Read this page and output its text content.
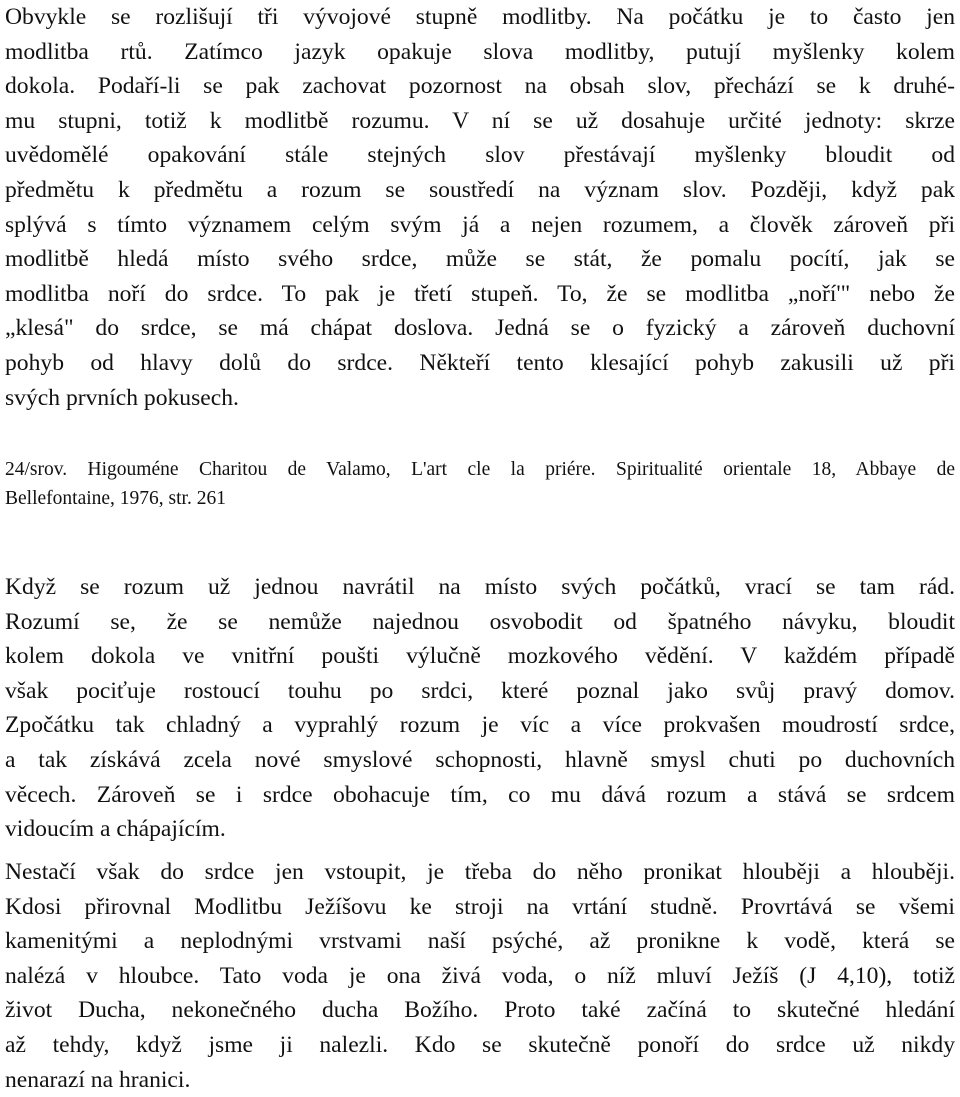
Obvykle se rozlišují tři vývojové stupně modlitby. Na počátku je to často jen
modlitba rtů. Zatímco jazyk opakuje slova modlitby, putují myšlenky kolem
dokola. Podaří-li se pak zachovat pozornost na obsah slov, přechází se k druhé-
mu stupni, totiž k modlitbě rozumu. V ní se už dosahuje určité jednoty: skrze
uvědomělé opakování stále stejných slov přestávají myšlenky bloudit od
předmětu k předmětu a rozum se soustředí na význam slov. Později, když pak
splývá s tímto významem celým svým já a nejen rozumem, a člověk zároveň při
modlitbě hledá místo svého srdce, může se stát, že pomalu pocítí, jak se
modlitba noří do srdce. To pak je třetí stupeň. To, že se modlitba „noří'" nebo že
„klesá" do srdce, se má chápat doslova. Jedná se o fyzický a zároveň duchovní
pohyb od hlavy dolů do srdce. Někteří tento klesající pohyb zakusili už při
svých prvních pokusech.
24/srov. Higouméne Charitou de Valamo, L'art cle la priére. Spiritualité orientale 18, Abbaye de
Bellefontaine, 1976, str. 261
Když se rozum už jednou navrátil na místo svých počátků, vrací se tam rád.
Rozumí se, že se nemůže najednou osvobodit od špatného návyku, bloudit
kolem dokola ve vnitřní poušti výlučně mozkového vědění. V každém případě
však pociťuje rostoucí touhu po srdci, které poznal jako svůj pravý domov.
Zpočátku tak chladný a vyprahlý rozum je víc a více prokvašen moudrostí srdce,
a tak získává zcela nové smyslové schopnosti, hlavně smysl chuti po duchovních
věcech. Zároveň se i srdce obohacuje tím, co mu dává rozum a stává se srdcem
vidoucím a chápajícím.
Nestačí však do srdce jen vstoupit, je třeba do něho pronikat hlouběji a hlouběji.
Kdosi přirovnal Modlitbu Ježíšovu ke stroji na vrtání studně. Provrtává se všemi
kamenitými a neplodnými vrstvami naší psýché, až pronikne k vodě, která se
nalézá v hloubce. Tato voda je ona živá voda, o níž mluví Ježíš (J 4,10), totiž
život Ducha, nekonečného ducha Božího. Proto také začíná to skutečné hledání
až tehdy, když jsme ji nalezli. Kdo se skutečně ponoří do srdce už nikdy
nenarazí na hranici.
